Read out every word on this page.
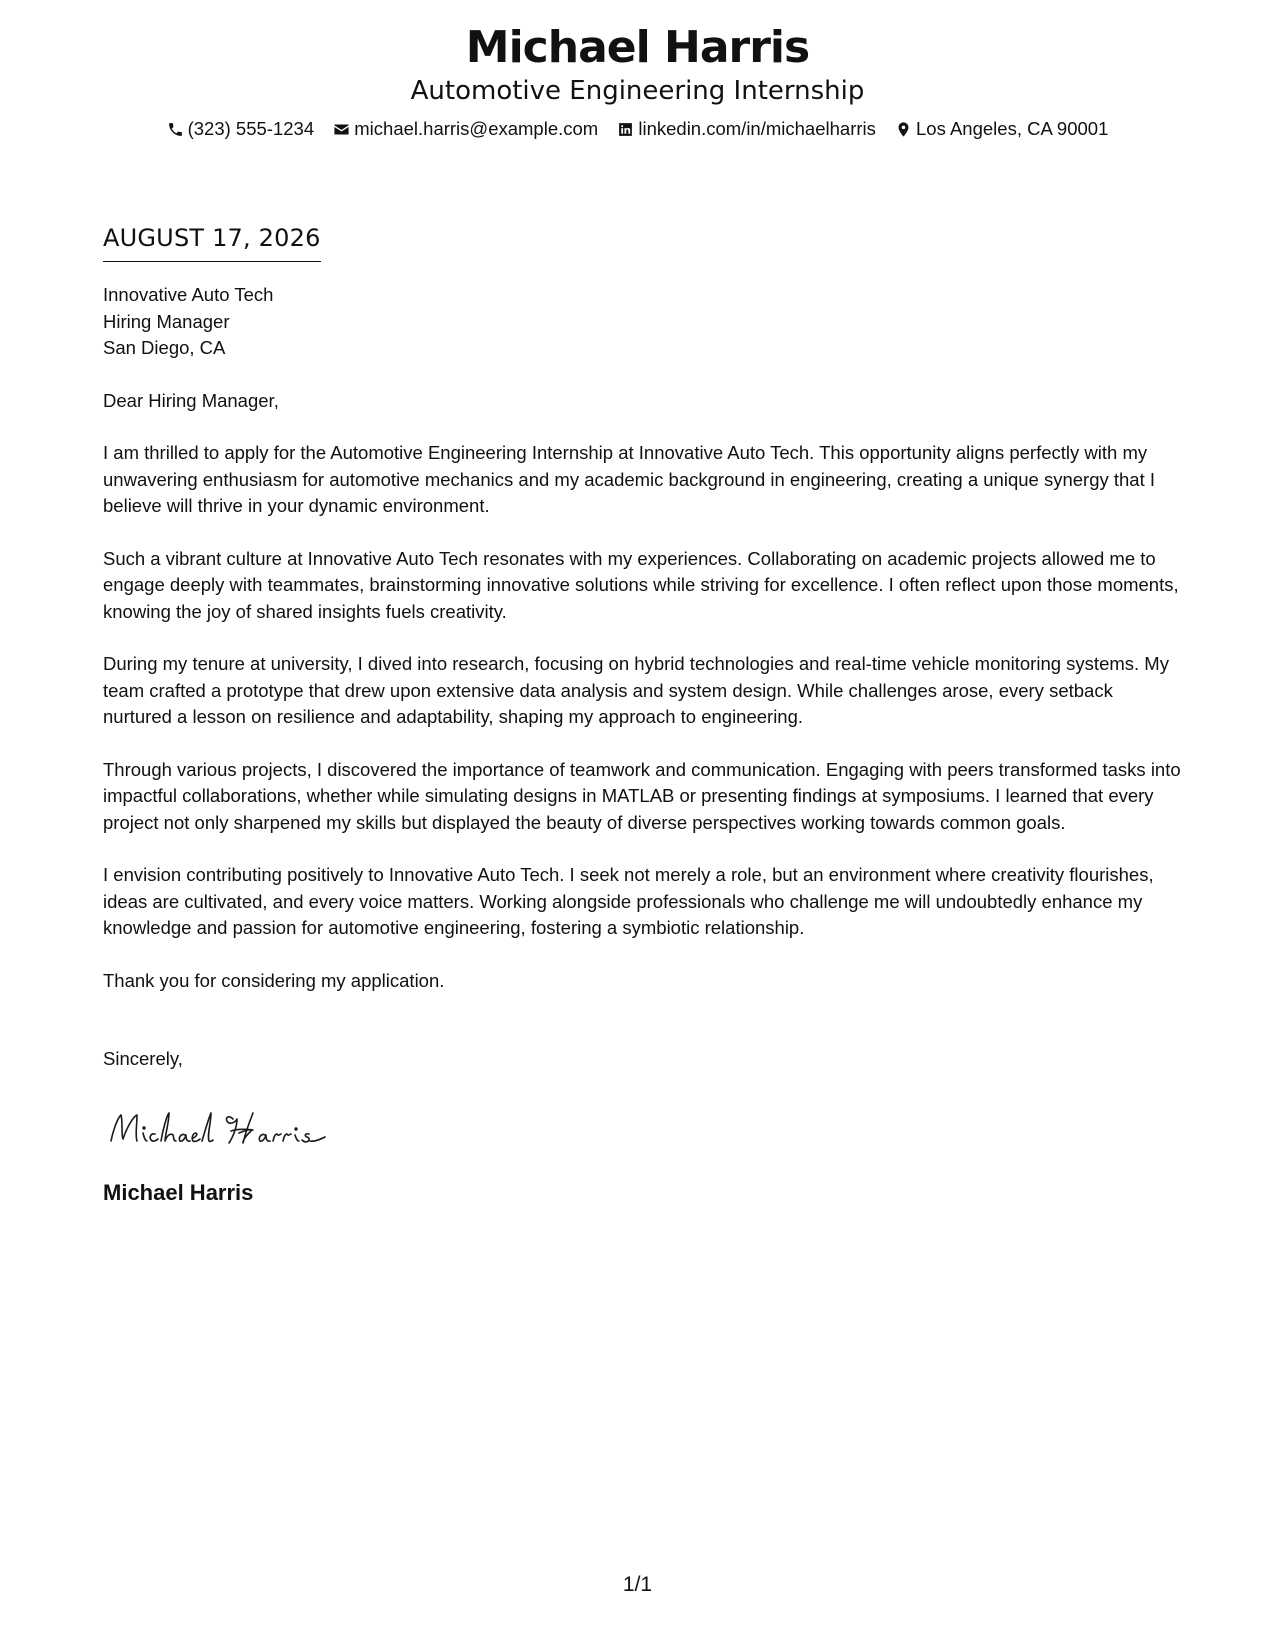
Michael Harris
Automotive Engineering Internship
(323) 555-1234
michael.harris@example.com
linkedin.com/in/michaelharris
Los Angeles, CA 90001
AUGUST 17, 2026
Innovative Auto Tech
Hiring Manager
San Diego, CA
Dear Hiring Manager,
I am thrilled to apply for the Automotive Engineering Internship at Innovative Auto Tech. This opportunity aligns perfectly with my unwavering enthusiasm for automotive mechanics and my academic background in engineering, creating a unique synergy that I believe will thrive in your dynamic environment.
Such a vibrant culture at Innovative Auto Tech resonates with my experiences. Collaborating on academic projects allowed me to engage deeply with teammates, brainstorming innovative solutions while striving for excellence. I often reflect upon those moments, knowing the joy of shared insights fuels creativity.
During my tenure at university, I dived into research, focusing on hybrid technologies and real-time vehicle monitoring systems. My team crafted a prototype that drew upon extensive data analysis and system design. While challenges arose, every setback nurtured a lesson on resilience and adaptability, shaping my approach to engineering.
Through various projects, I discovered the importance of teamwork and communication. Engaging with peers transformed tasks into impactful collaborations, whether while simulating designs in MATLAB or presenting findings at symposiums. I learned that every project not only sharpened my skills but displayed the beauty of diverse perspectives working towards common goals.
I envision contributing positively to Innovative Auto Tech. I seek not merely a role, but an environment where creativity flourishes, ideas are cultivated, and every voice matters. Working alongside professionals who challenge me will undoubtedly enhance my knowledge and passion for automotive engineering, fostering a symbiotic relationship.
Thank you for considering my application.
Sincerely,
Michael Harris
1/1
